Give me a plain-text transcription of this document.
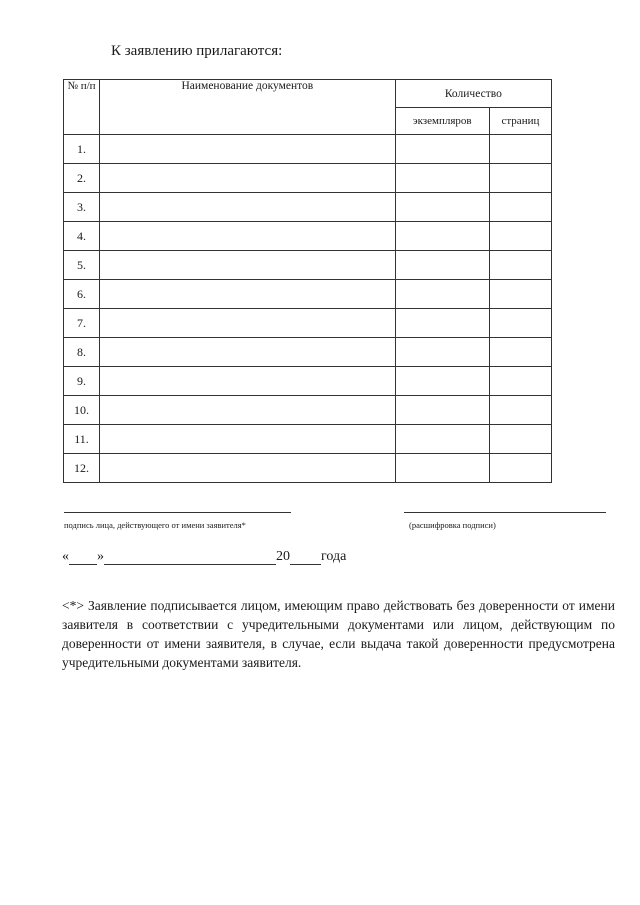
К заявлению прилагаются:
№ п/п	Наименование документов	Количество	
		экземпляров	страниц
1.			
2.			
3.			
4.			
5.			
6.			
7.			
8.			
9.			
10.			
11.			
12.			
подпись лица, действующего от имени заявителя*	(расшифровка подписи)
« »	20 года
<*> Заявление подписывается лицом, имеющим право действовать без доверенности от имени заявителя в соответствии с учредительными документами или лицом, действующим по доверенности от имени заявителя, в случае, если выдача такой доверенности предусмотрена учредительными документами заявителя.
